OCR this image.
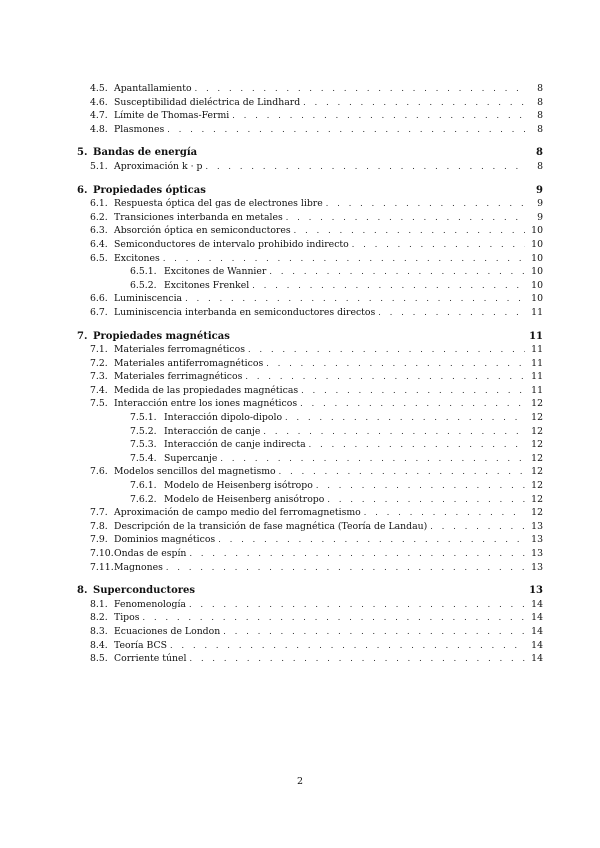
4.5. Apantallamiento . . .	8
4.6. Susceptibilidad dieléctrica de Lindhard . . .	8
4.7. Límite de Thomas-Fermi . . .	8
4.8. Plasmones . . .	8
5. Bandas de energía	8
5.1. Aproximación k · p . . .	8
6. Propiedades ópticas	9
6.1. Respuesta óptica del gas de electrones libre . . .	9
6.2. Transiciones interbanda en metales . . .	9
6.3. Absorción óptica en semiconductores . . .	10
6.4. Semiconductores de intervalo prohibido indirecto . . .	10
6.5. Excitones . . .	10
6.5.1. Excitones de Wannier . . .	10
6.5.2. Excitones Frenkel . . .	10
6.6. Luminiscencia . . .	10
6.7. Luminiscencia interbanda en semiconductores directos . . .	11
7. Propiedades magnéticas	11
7.1. Materiales ferromagnéticos . . .	11
7.2. Materiales antiferromagnéticos . . .	11
7.3. Materiales ferrimagnéticos . . .	11
7.4. Medida de las propiedades magnéticas . . .	11
7.5. Interacción entre los iones magnéticos . . .	12
7.5.1. Interacción dipolo-dipolo . . .	12
7.5.2. Interacción de canje . . .	12
7.5.3. Interacción de canje indirecta . . .	12
7.5.4. Supercanje . . .	12
7.6. Modelos sencillos del magnetismo . . .	12
7.6.1. Modelo de Heisenberg isótropo . . .	12
7.6.2. Modelo de Heisenberg anisótropo . . .	12
7.7. Aproximación de campo medio del ferromagnetismo . . .	12
7.8. Descripción de la transición de fase magnética (Teoría de Landau) . . .	13
7.9. Dominios magnéticos . . .	13
7.10. Ondas de espín . . .	13
7.11. Magnones . . .	13
8. Superconductores	13
8.1. Fenomenología . . .	14
8.2. Tipos . . .	14
8.3. Ecuaciones de London . . .	14
8.4. Teoría BCS . . .	14
8.5. Corriente túnel . . .	14
2
